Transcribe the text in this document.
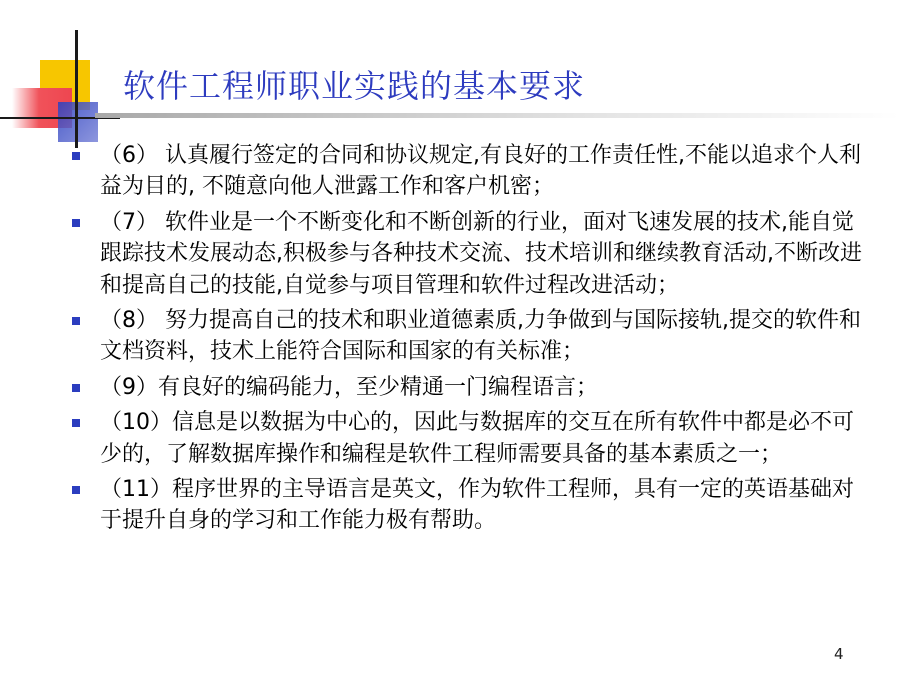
软件工程师职业实践的基本要求
（6） 认真履行签定的合同和协议规定,有良好的工作责任性,不能以追求个人利益为目的, 不随意向他人泄露工作和客户机密；
（7） 软件业是一个不断变化和不断创新的行业，面对飞速发展的技术,能自觉跟踪技术发展动态,积极参与各种技术交流、技术培训和继续教育活动,不断改进和提高自己的技能,自觉参与项目管理和软件过程改进活动；
（8） 努力提高自己的技术和职业道德素质,力争做到与国际接轨,提交的软件和文档资料，技术上能符合国际和国家的有关标准；
（9）有良好的编码能力，至少精通一门编程语言；
（10）信息是以数据为中心的，因此与数据库的交互在所有软件中都是必不可少的，了解数据库操作和编程是软件工程师需要具备的基本素质之一；
（11）程序世界的主导语言是英文，作为软件工程师，具有一定的英语基础对于提升自身的学习和工作能力极有帮助。
4
